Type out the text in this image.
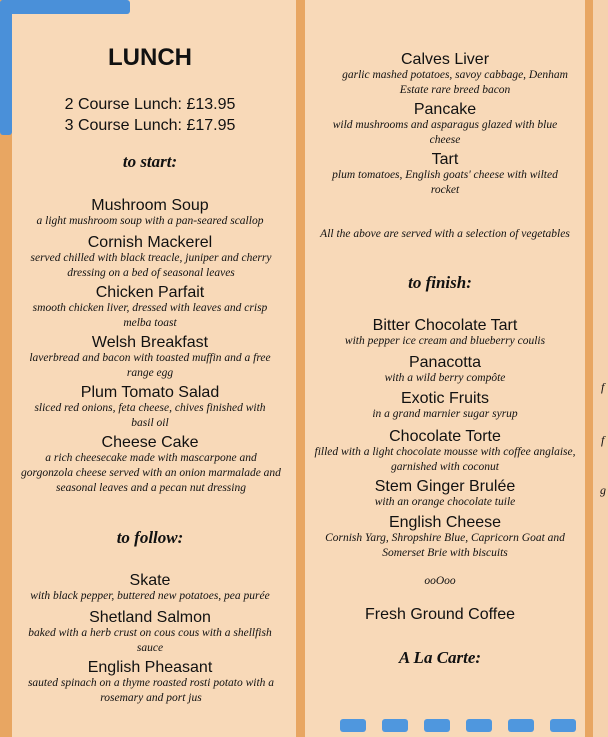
LUNCH
2 Course Lunch: £13.95
3 Course Lunch: £17.95
to start:
Mushroom Soup
a light mushroom soup with a pan-seared scallop
Cornish Mackerel
served chilled with black treacle, juniper and cherry dressing on a bed of seasonal leaves
Chicken Parfait
smooth chicken liver, dressed with leaves and crisp melba toast
Welsh Breakfast
laverbread and bacon with toasted muffin and a free range egg
Plum Tomato Salad
sliced red onions, feta cheese, chives finished with basil oil
Cheese Cake
a rich cheesecake made with mascarpone and gorgonzola cheese served with an onion marmalade and seasonal leaves and a pecan nut dressing
to follow:
Skate
with black pepper, buttered new potatoes, pea purée
Shetland Salmon
baked with a herb crust on cous cous with a shellfish sauce
English Pheasant
sauted spinach on a thyme roasted rosti potato with a rosemary and port jus
Calves Liver
garlic mashed potatoes, savoy cabbage, Denham Estate rare breed bacon
Pancake
wild mushrooms and asparagus glazed with blue cheese
Tart
plum tomatoes, English goats' cheese with wilted rocket
All the above are served with a selection of vegetables
to finish:
Bitter Chocolate Tart
with pepper ice cream and blueberry coulis
Panacotta
with a wild berry compôte
Exotic Fruits
in a grand marnier sugar syrup
Chocolate Torte
filled with a light chocolate mousse with coffee anglaise, garnished with coconut
Stem Ginger Brulée
with an orange chocolate tuile
English Cheese
Cornish Yarg, Shropshire Blue, Capricorn Goat and Somerset Brie with biscuits
ooOoo
Fresh Ground Coffee
A La Carte:
f
f
g
